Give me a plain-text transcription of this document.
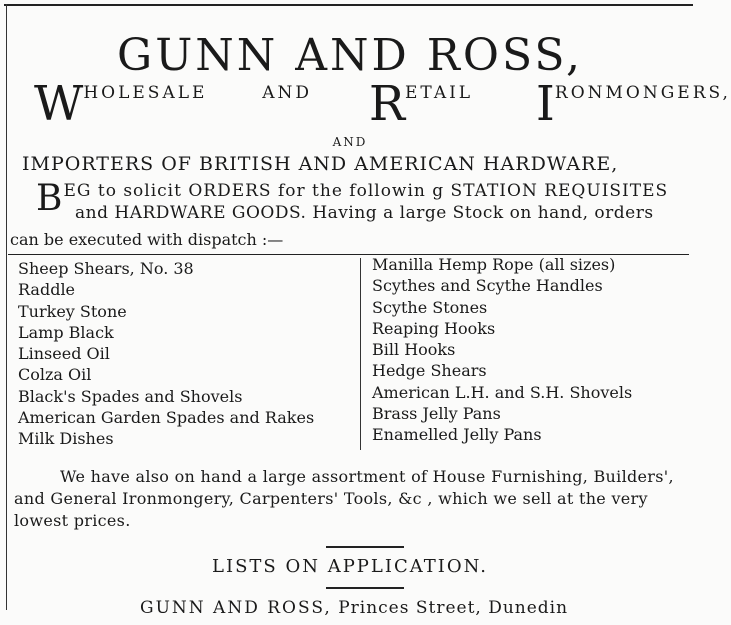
GUNN AND ROSS,
WHOLESALE	AND RETAIL IRONMONGERS,
AND
IMPORTERS OF BRITISH AND AMERICAN HARDWARE,
BEG to solicit ORDERS for the followin g STATION REQUISITES
and HARDWARE GOODS. Having a large Stock on hand, orders
can be executed with dispatch :—
Sheep Shears, No. 38
Raddle
Turkey Stone
Lamp Black
Linseed Oil
Colza Oil
Black's Spades and Shovels
American Garden Spades and Rakes
Milk Dishes
Manilla Hemp Rope (all sizes)
Scythes and Scythe Handles
Scythe Stones
Reaping Hooks
Bill Hooks
Hedge Shears
American L.H. and S.H. Shovels
Brass Jelly Pans
Enamelled Jelly Pans
We have also on hand a large assortment of House Furnishing, Builders', and General Ironmongery, Carpenters' Tools, &c , which we sell at the very lowest prices.
LISTS ON APPLICATION.
GUNN AND ROSS, Princes Street, Dunedin
